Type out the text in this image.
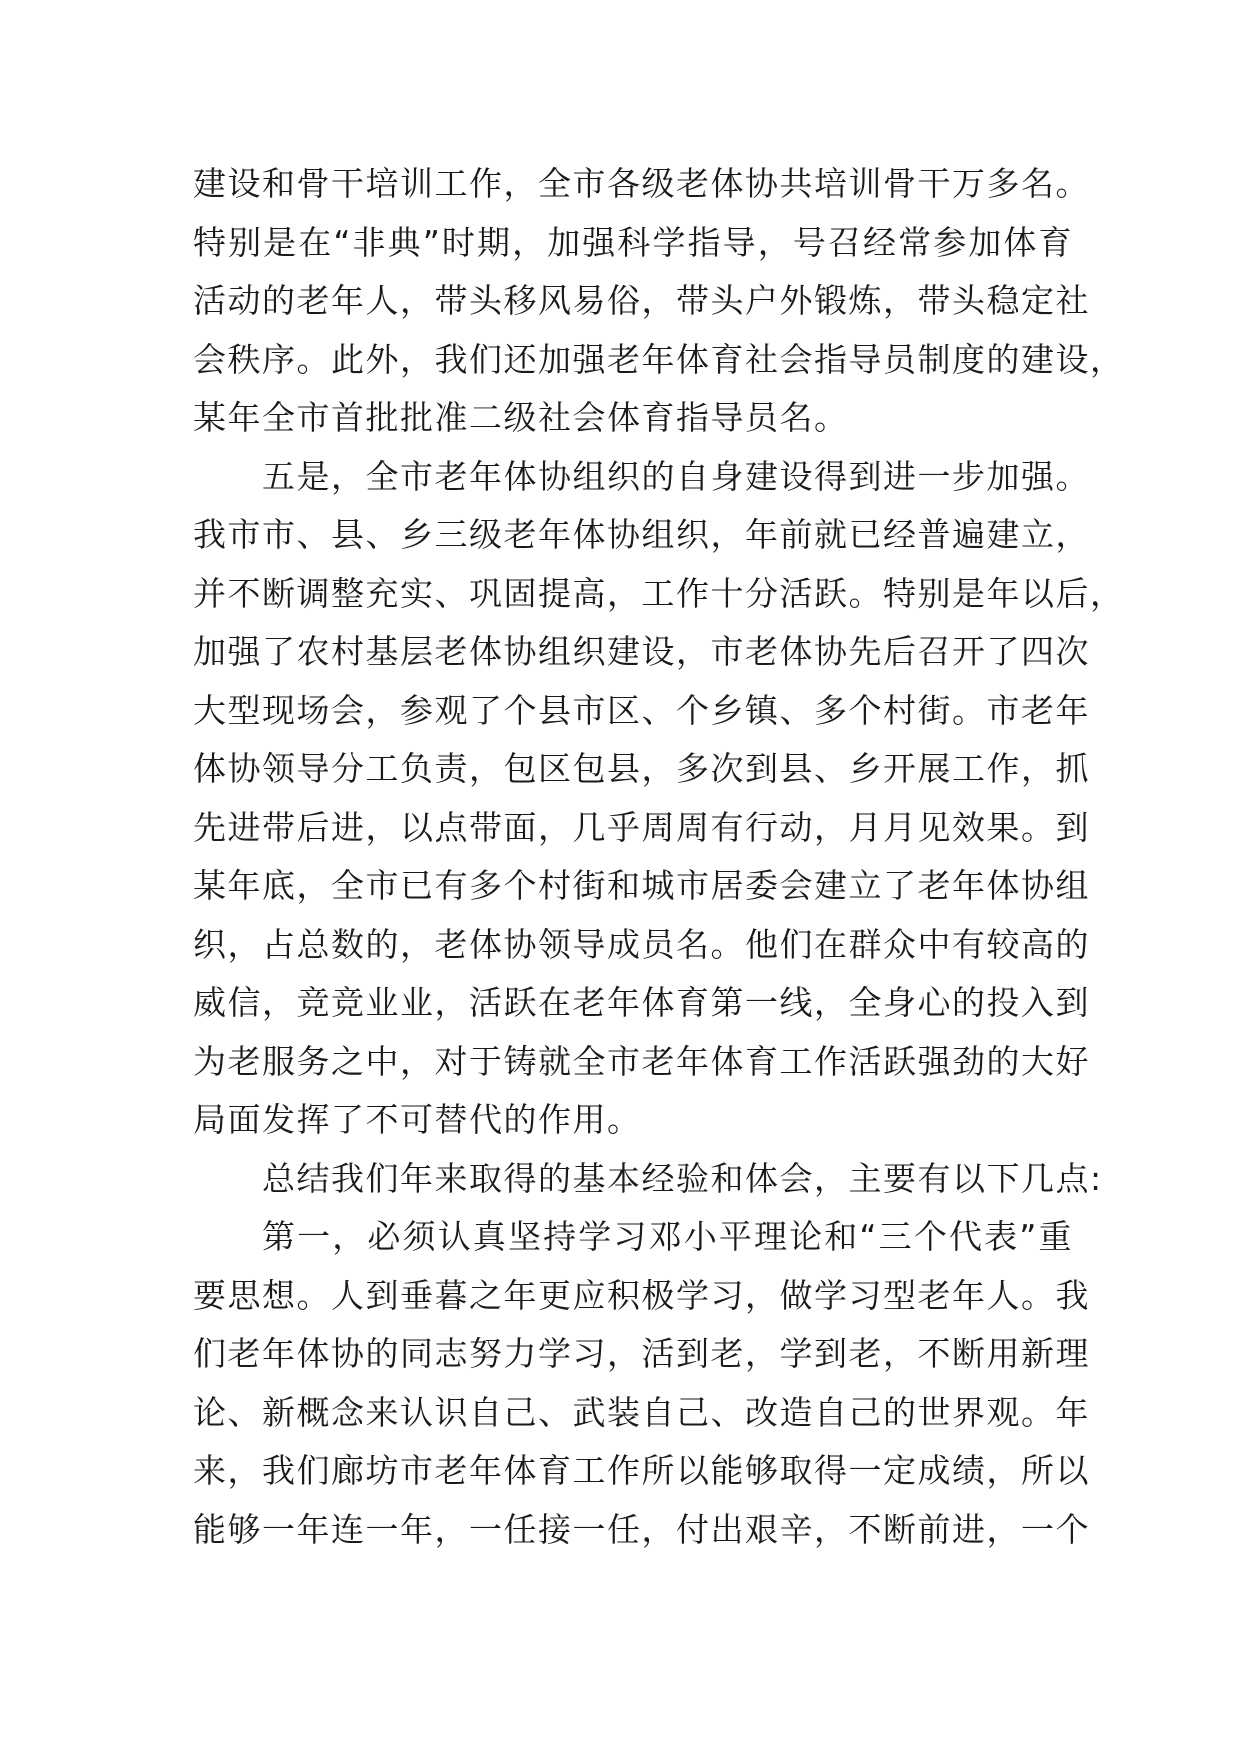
建设和骨干培训工作，全市各级老体协共培训骨干万多名。
特别是在“非典”时期，加强科学指导，号召经常参加体育
活动的老年人，带头移风易俗，带头户外锻炼，带头稳定社
会秩序。此外，我们还加强老年体育社会指导员制度的建设，
某年全市首批批准二级社会体育指导员名。
五是，全市老年体协组织的自身建设得到进一步加强。
我市市、县、乡三级老年体协组织，年前就已经普遍建立，
并不断调整充实、巩固提高，工作十分活跃。特别是年以后，
加强了农村基层老体协组织建设，市老体协先后召开了四次
大型现场会，参观了个县市区、个乡镇、多个村街。市老年
体协领导分工负责，包区包县，多次到县、乡开展工作，抓
先进带后进，以点带面，几乎周周有行动，月月见效果。到
某年底，全市已有多个村街和城市居委会建立了老年体协组
织，占总数的，老体协领导成员名。他们在群众中有较高的
威信，竞竞业业，活跃在老年体育第一线，全身心的投入到
为老服务之中，对于铸就全市老年体育工作活跃强劲的大好
局面发挥了不可替代的作用。
总结我们年来取得的基本经验和体会，主要有以下几点:
第一，必须认真坚持学习邓小平理论和“三个代表”重
要思想。人到垂暮之年更应积极学习，做学习型老年人。我
们老年体协的同志努力学习，活到老，学到老，不断用新理
论、新概念来认识自己、武装自己、改造自己的世界观。年
来，我们廊坊市老年体育工作所以能够取得一定成绩，所以
能够一年连一年，一任接一任，付出艰辛，不断前进，一个
